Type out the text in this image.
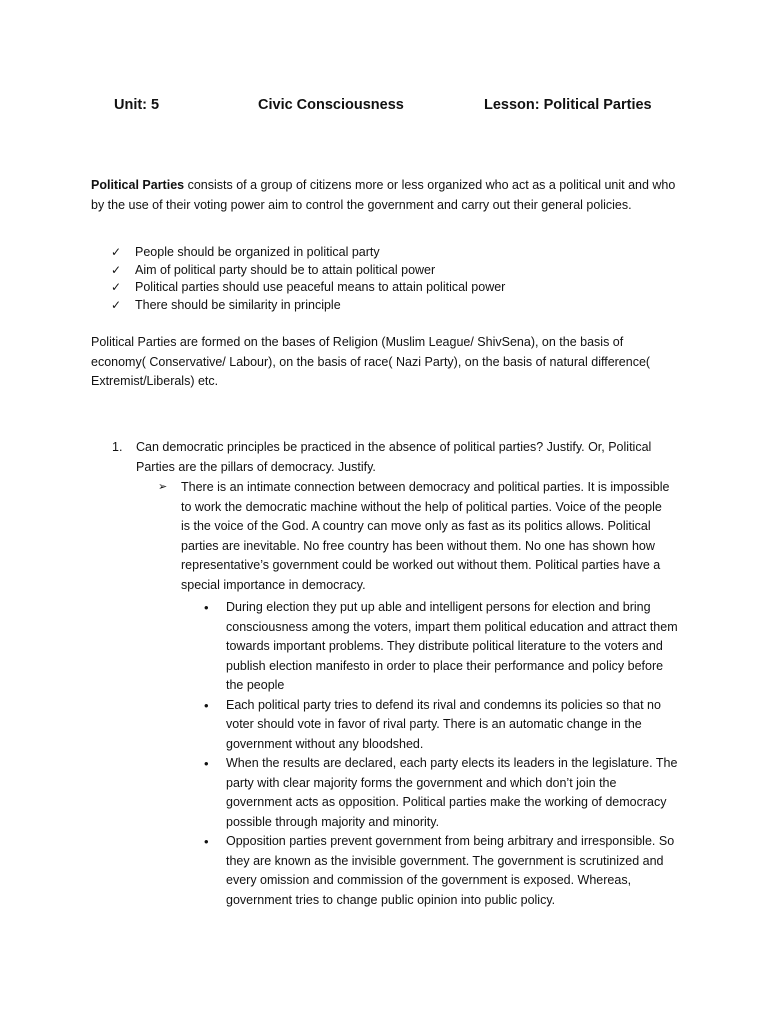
Unit: 5	Civic Consciousness	Lesson: Political Parties
Political Parties consists of a group of citizens more or less organized who act as a political unit and who by the use of their voting power aim to control the government and carry out their general policies.
✓ People should be organized in political party
✓ Aim of political party should be to attain political power
✓ Political parties should use peaceful means to attain political power
✓ There should be similarity in principle
Political Parties are formed on the bases of Religion (Muslim League/ ShivSena), on the basis of economy( Conservative/ Labour), on the basis of race( Nazi Party), on the basis of natural difference( Extremist/Liberals) etc.
1. Can democratic principles be practiced in the absence of political parties? Justify. Or, Political Parties are the pillars of democracy. Justify.
➢ There is an intimate connection between democracy and political parties. It is impossible to work the democratic machine without the help of political parties. Voice of the people is the voice of the God. A country can move only as fast as its politics allows. Political parties are inevitable. No free country has been without them. No one has shown how representative’s government could be worked out without them. Political parties have a special importance in democracy.
• During election they put up able and intelligent persons for election and bring consciousness among the voters, impart them political education and attract them towards important problems. They distribute political literature to the voters and publish election manifesto in order to place their performance and policy before the people
• Each political party tries to defend its rival and condemns its policies so that no voter should vote in favor of rival party. There is an automatic change in the government without any bloodshed.
• When the results are declared, each party elects its leaders in the legislature. The party with clear majority forms the government and which don’t join the government acts as opposition. Political parties make the working of democracy possible through majority and minority.
• Opposition parties prevent government from being arbitrary and irresponsible. So they are known as the invisible government. The government is scrutinized and every omission and commission of the government is exposed. Whereas, government tries to change public opinion into public policy.
